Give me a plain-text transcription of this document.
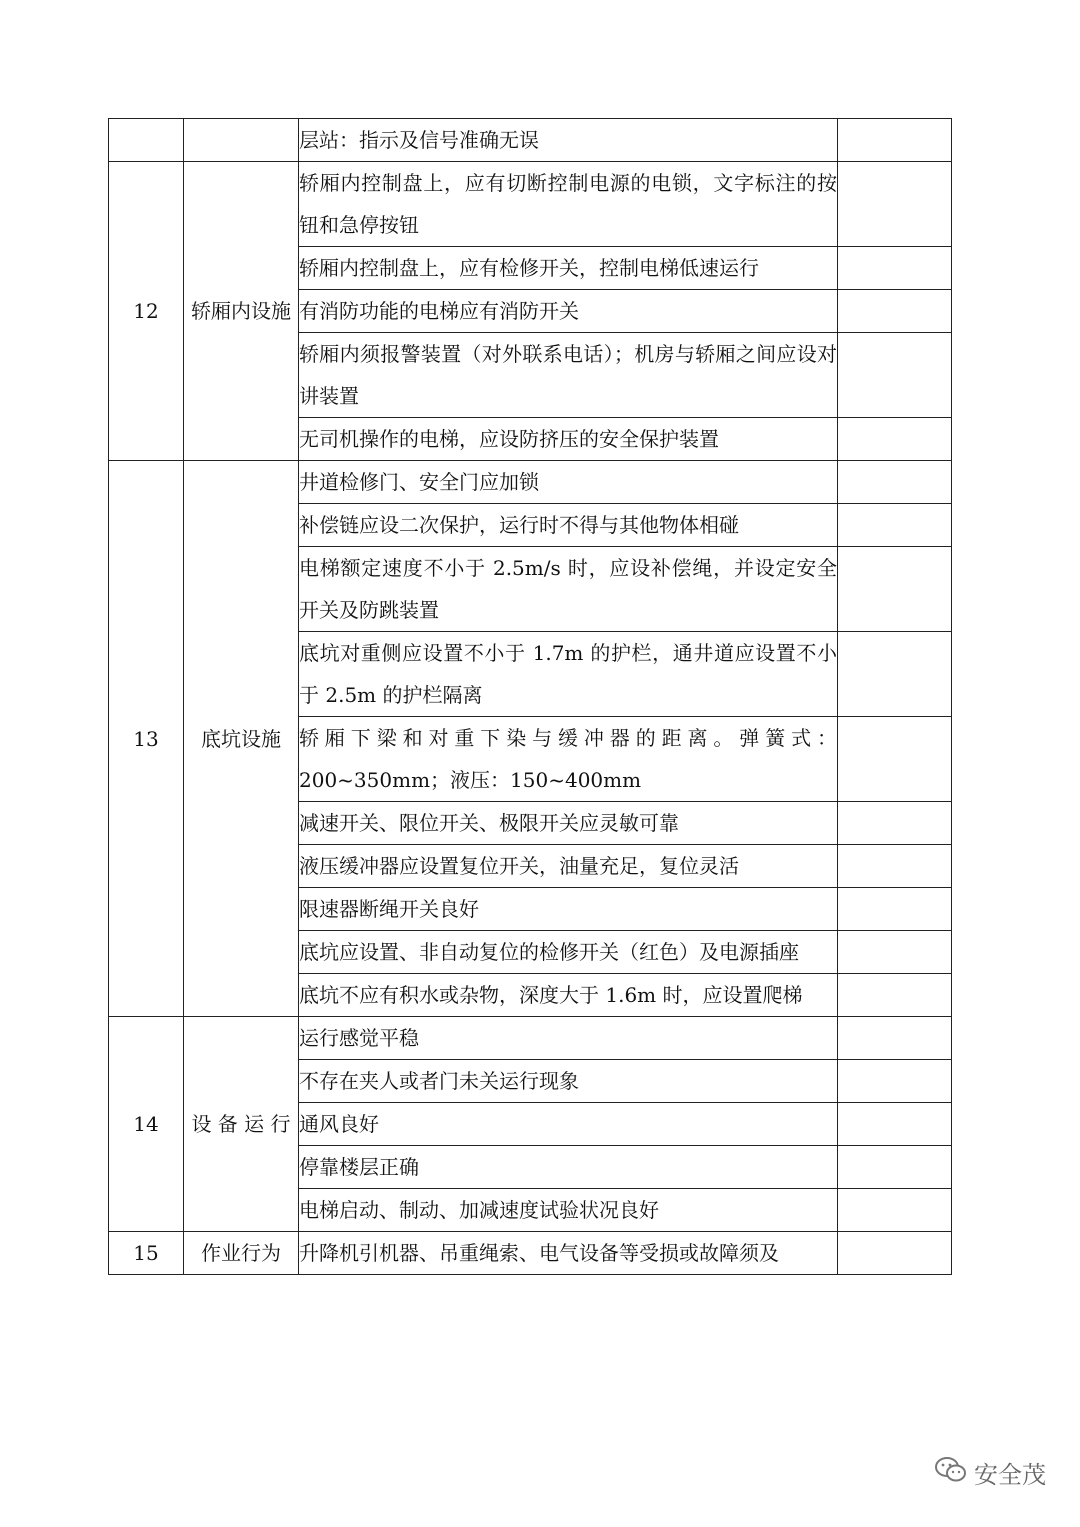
		层站：指示及信号准确无误	
12	轿厢内设施	轿厢内控制盘上，应有切断控制电源的电锁，文字标注的按钮和急停按钮	
		轿厢内控制盘上，应有检修开关，控制电梯低速运行	
		有消防功能的电梯应有消防开关	
		轿厢内须报警装置（对外联系电话）；机房与轿厢之间应设对讲装置	
		无司机操作的电梯，应设防挤压的安全保护装置	
13	底坑设施	井道检修门、安全门应加锁	
		补偿链应设二次保护，运行时不得与其他物体相碰	
		电梯额定速度不小于 2.5m/s 时，应设补偿绳，并设定安全开关及防跳装置	
		底坑对重侧应设置不小于 1.7m 的护栏，通井道应设置不小于 2.5m 的护栏隔离	
		轿厢下梁和对重下染与缓冲器的距离。弹簧式：200~350mm；液压：150~400mm	
		减速开关、限位开关、极限开关应灵敏可靠	
		液压缓冲器应设置复位开关，油量充足，复位灵活	
		限速器断绳开关良好	
		底坑应设置、非自动复位的检修开关（红色）及电源插座	
		底坑不应有积水或杂物，深度大于 1.6m 时，应设置爬梯	
14	设 备 运 行	运行感觉平稳	
		不存在夹人或者门未关运行现象	
		通风良好	
		停靠楼层正确	
		电梯启动、制动、加减速度试验状况良好	
15	作业行为	升降机引机器、吊重绳索、电气设备等受损或故障须及	
安全茂
